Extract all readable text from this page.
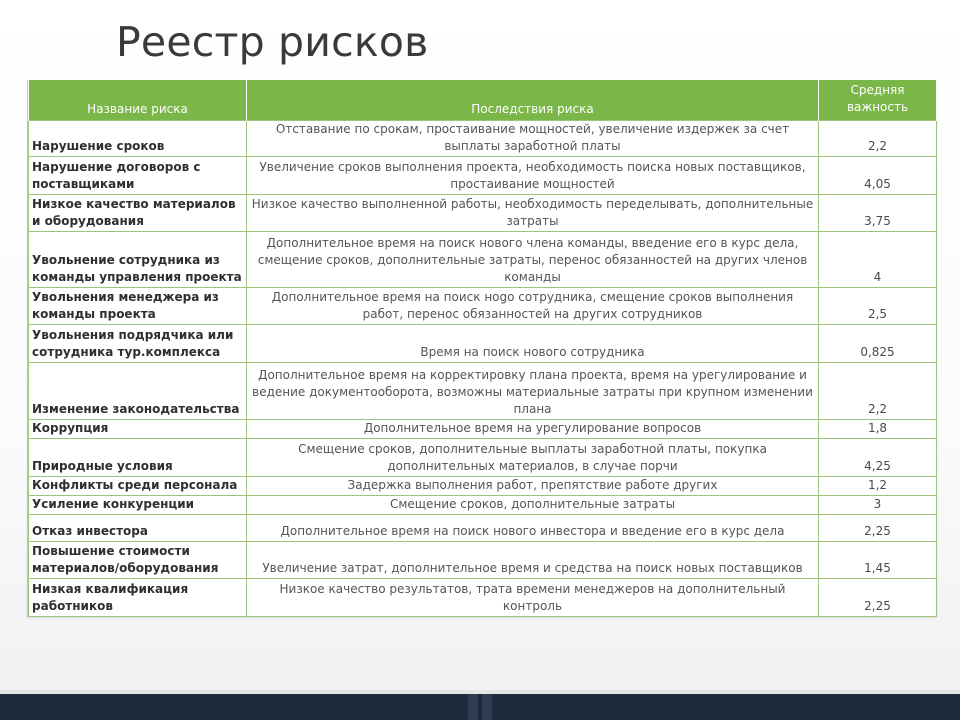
Реестр рисков
Название риска	Последствия риска	Средняя важность
Нарушение сроков	Отставание по срокам, простаивание мощностей, увеличение издержек за счет выплаты заработной платы	2,2
Нарушение договоров с поставщиками	Увеличение сроков выполнения проекта, необходимость поиска новых поставщиков, простаивание мощностей	4,05
Низкое качество материалов и оборудования	Низкое качество выполненной работы, необходимость переделывать, дополнительные затраты	3,75
Увольнение сотрудника из команды управления проекта	Дополнительное время на поиск нового члена команды, введение его в курс дела, смещение сроков, дополнительные затраты, перенос обязанностей на других членов команды	4
Увольнения менеджера из команды проекта	Дополнительное время на поиск ноgo сотрудника, смещение сроков выполнения работ, перенос обязанностей на других сотрудников	2,5
Увольнения подрядчика или сотрудника тур.комплекса	Время на поиск нового сотрудника	0,825
Изменение законодательства	Дополнительное время на корректировку плана проекта, время на урегулирование и ведение документооборота, возможны материальные затраты при крупном изменении плана	2,2
Коррупция	Дополнительное время на урегулирование вопросов	1,8
Природные условия	Смещение сроков, дополнительные выплаты заработной платы, покупка дополнительных материалов, в случае порчи	4,25
Конфликты среди персонала	Задержка выполнения работ, препятствие работе других	1,2
Усиление конкуренции	Смещение сроков, дополнительные затраты	3
Отказ инвестора	Дополнительное время на поиск нового инвестора и введение его в курс дела	2,25
Повышение стоимости материалов/оборудования	Увеличение затрат, дополнительное время и средства на поиск новых поставщиков	1,45
Низкая квалификация работников	Низкое качество результатов, трата времени менеджеров на дополнительный контроль	2,25
